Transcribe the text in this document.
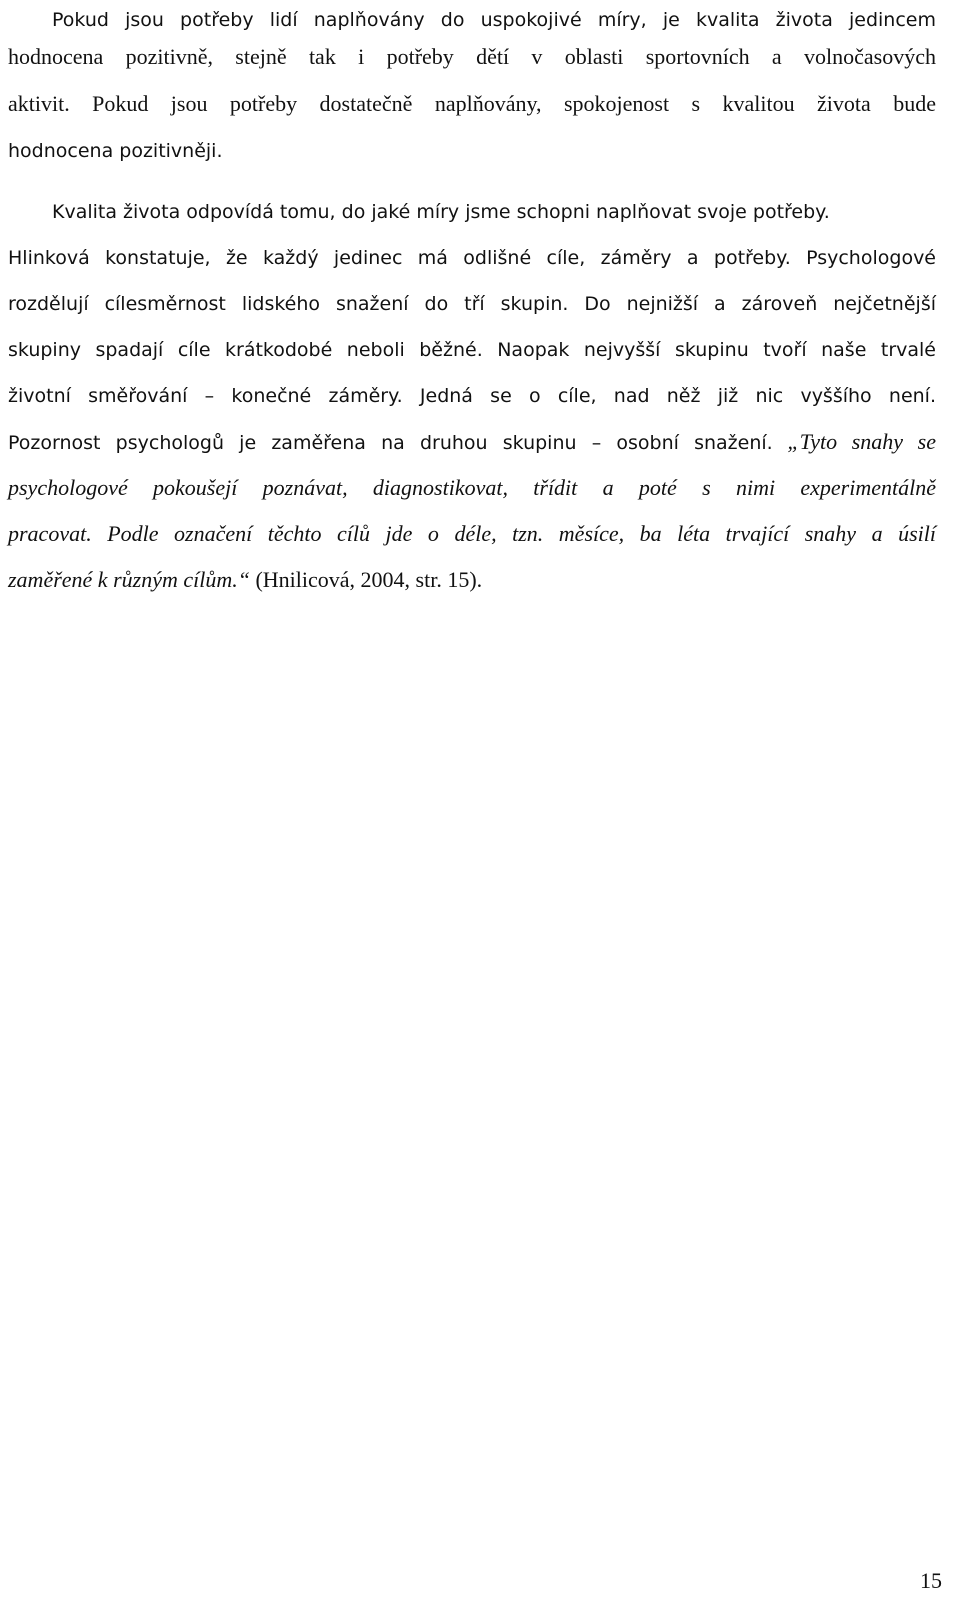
Pokud jsou potřeby lidí naplňovány do uspokojivé míry, je kvalita života jedincem
hodnocena pozitivně, stejně tak i potřeby dětí v oblasti sportovních a volnočasových
aktivit. Pokud jsou potřeby dostatečně naplňovány, spokojenost s kvalitou života bude
hodnocena pozitivněji.
Kvalita života odpovídá tomu, do jaké míry jsme schopni naplňovat svoje potřeby.
Hlinková konstatuje, že každý jedinec má odlišné cíle, záměry a potřeby. Psychologové
rozdělují cílesměrnost lidského snažení do tří skupin. Do nejnižší a zároveň nejčetnější
skupiny spadají cíle krátkodobé neboli běžné. Naopak nejvyšší skupinu tvoří naše trvalé
životní směřování – konečné záměry. Jedná se o cíle, nad něž již nic vyššího není.
Pozornost psychologů je zaměřena na druhou skupinu – osobní snažení. „Tyto snahy se
psychologové pokoušejí poznávat, diagnostikovat, třídit a poté s nimi experimentálně
pracovat. Podle označení těchto cílů jde o déle, tzn. měsíce, ba léta trvající snahy a úsilí
zaměřené k různým cílům.“ (Hnilicová, 2004, str. 15).
15
